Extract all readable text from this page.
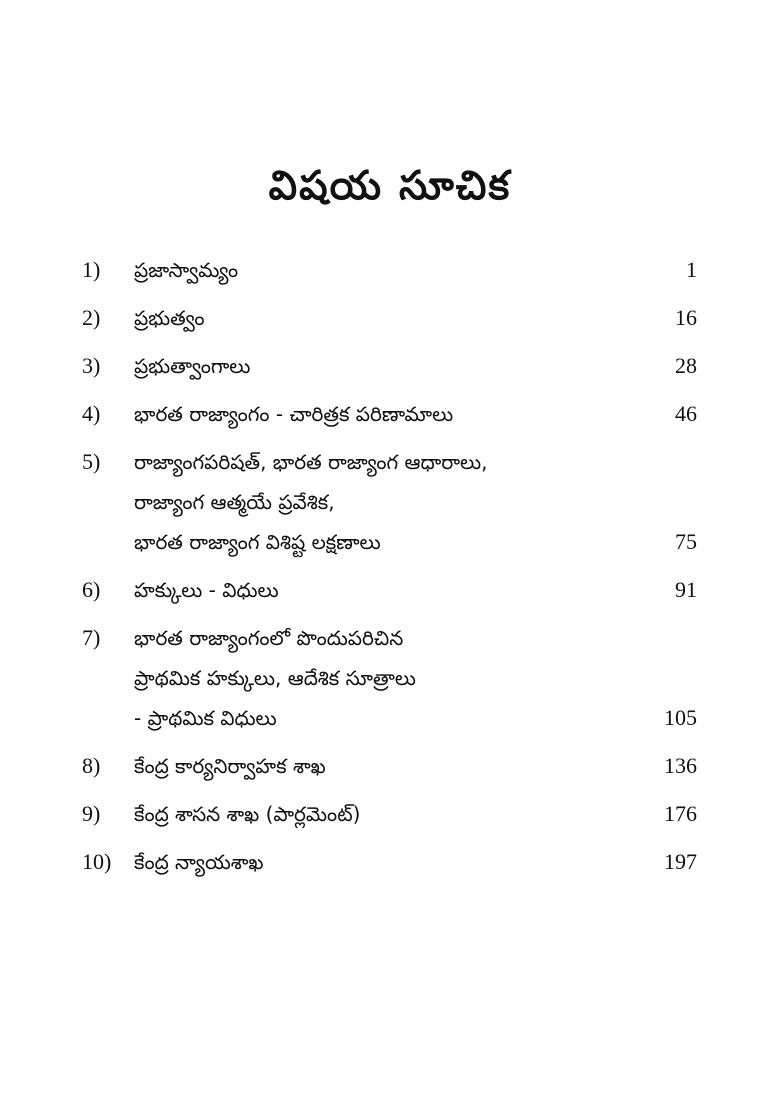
విషయ సూచిక
1)	ప్రజాస్వామ్యం	1
2)	ప్రభుత్వం	16
3)	ప్రభుత్వాంగాలు	28
4)	భారత రాజ్యాంగం - చారిత్రక పరిణామాలు	46
5)	రాజ్యాంగపరిషత్, భారత రాజ్యాంగ ఆధారాలు,
రాజ్యాంగ ఆత్మయే ప్రవేశిక,
భారత రాజ్యాంగ విశిష్ట లక్షణాలు	75
6)	హక్కులు - విధులు	91
7)	భారత రాజ్యాంగంలో పొందుపరిచిన
ప్రాథమిక హక్కులు, ఆదేశిక సూత్రాలు
- ప్రాథమిక విధులు	105
8)	కేంద్ర కార్యనిర్వాహక శాఖ	136
9)	కేంద్ర శాసన శాఖ (పార్లమెంట్)	176
10)	కేంద్ర న్యాయశాఖ	197
